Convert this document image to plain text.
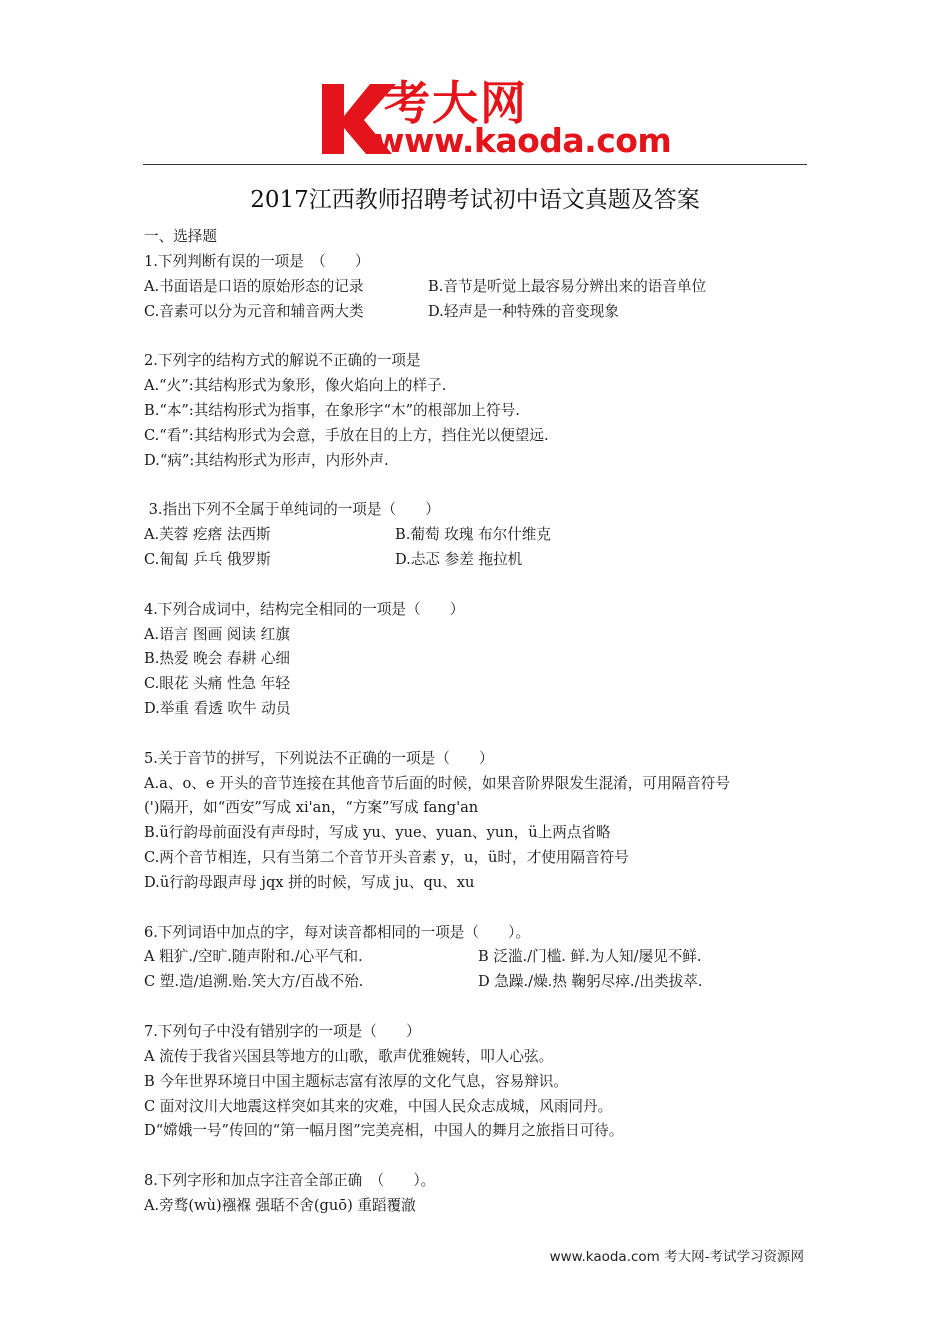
考大网
www.kaoda.com
2017江西教师招聘考试初中语文真题及答案
一、选择题
1.下列判断有误的一项是　（　　）
A.书面语是口语的原始形态的记录	B.音节是听觉上最容易分辨出来的语音单位
C.音素可以分为元音和辅音两大类	D.轻声是一种特殊的音变现象
2.下列字的结构方式的解说不正确的一项是
A.“火”:其结构形式为象形，像火焰向上的样子.
B.“本”:其结构形式为指事，在象形字“木”的根部加上符号.
C.“看”:其结构形式为会意，手放在目的上方，挡住光以便望远.
D.“病”:其结构形式为形声，内形外声.
3.指出下列不全属于单纯词的一项是（　　）
A.芙蓉 疙瘩 法西斯	B.葡萄 玫瑰 布尔什维克
C.匍匐 乒乓 俄罗斯	D.忐忑 参差 拖拉机
4.下列合成词中，结构完全相同的一项是（　　）
A.语言 图画 阅读 红旗
B.热爱 晚会 春耕 心细
C.眼花 头痛 性急 年轻
D.举重 看透 吹牛 动员
5.关于音节的拼写，下列说法不正确的一项是（　　）
A.a、o、e 开头的音节连接在其他音节后面的时候，如果音阶界限发生混淆，可用隔音符号
(')隔开，如“西安”写成 xi'an，“方案”写成 fang'an
B.ü行韵母前面没有声母时，写成 yu、yue、yuan、yun，ü上两点省略
C.两个音节相连，只有当第二个音节开头音素 y，u，ü时，才使用隔音符号
D.ü行韵母跟声母 jqx 拼的时候，写成 ju、qu、xu
6.下列词语中加点的字，每对读音都相同的一项是（　　）。
A 粗犷./空旷.随声附和./心平气和.	B 泛滥./门槛. 鲜.为人知/屡见不鲜.
C 塑.造/追溯.贻.笑大方/百战不殆.	D 急躁./燥.热 鞠躬尽瘁./出类拔萃.
7.下列句子中没有错别字的一项是（　　）
A 流传于我省兴国县等地方的山歌，歌声优雅婉转，叩人心弦。
B 今年世界环境日中国主题标志富有浓厚的文化气息，容易辩识。
C 面对汶川大地震这样突如其来的灾难，中国人民众志成城，风雨同丹。
D“嫦娥一号”传回的“第一幅月图”完美亮相，中国人的舞月之旅指日可待。
8.下列字形和加点字注音全部正确　（　　）。
A.旁骛(wù)襁褓 强聒不舍(guō) 重蹈覆澈
www.kaoda.com 考大网-考试学习资源网
